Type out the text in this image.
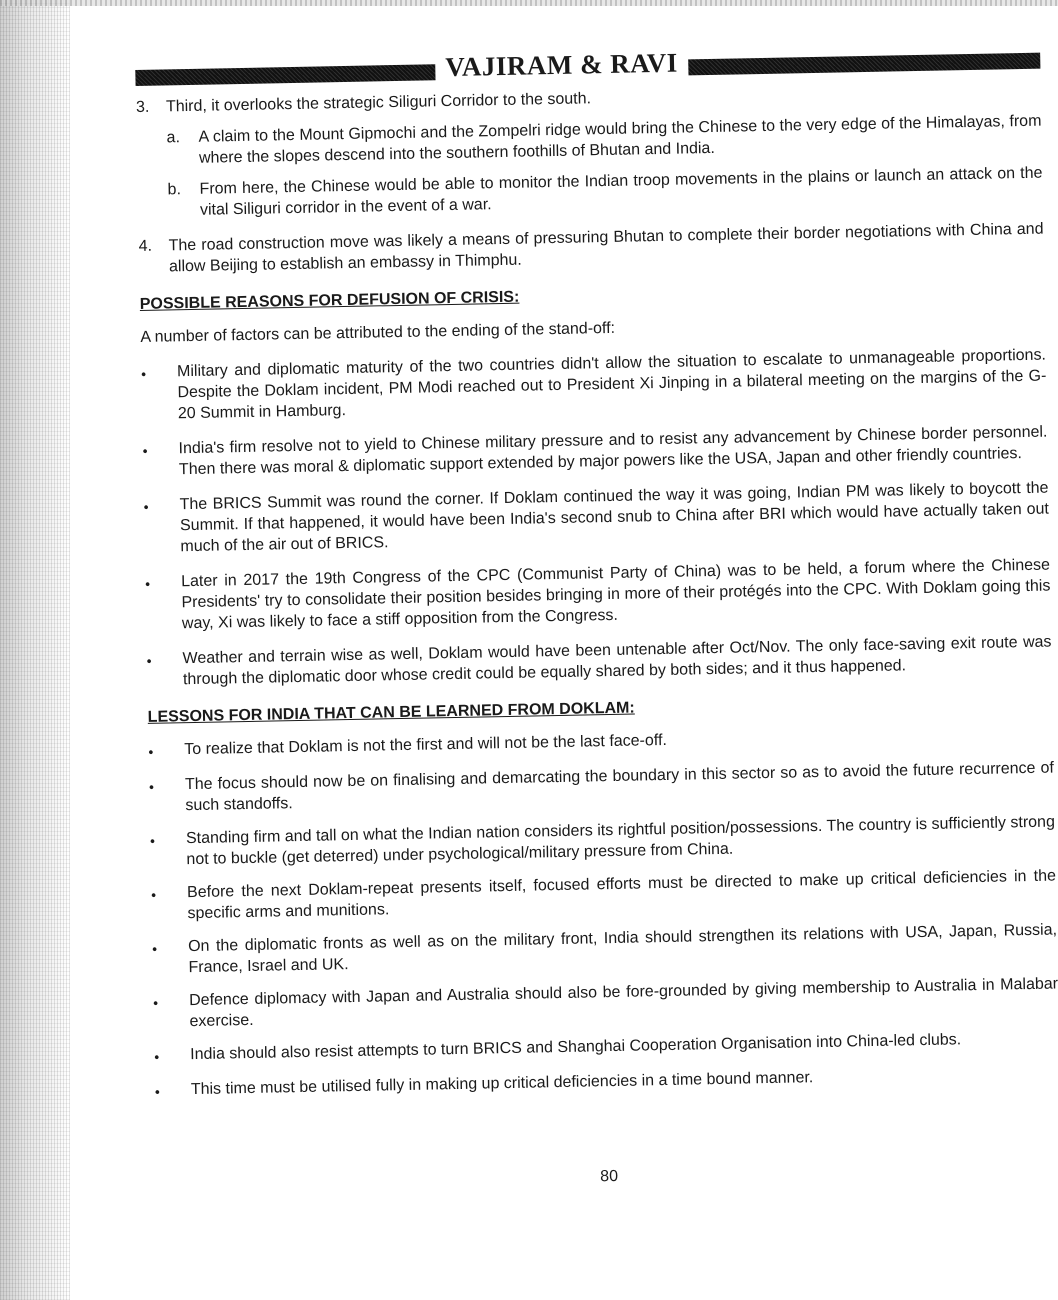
VAJIRAM & RAVI
3.	Third, it overlooks the strategic Siliguri Corridor to the south.
a.	A claim to the Mount Gipmochi and the Zompelri ridge would bring the Chinese to the very edge of the Himalayas, from where the slopes descend into the southern foothills of Bhutan and India.
b.	From here, the Chinese would be able to monitor the Indian troop movements in the plains or launch an attack on the vital Siliguri corridor in the event of a war.
4.	The road construction move was likely a means of pressuring Bhutan to complete their border negotiations with China and allow Beijing to establish an embassy in Thimphu.
POSSIBLE REASONS FOR DEFUSION OF CRISIS:
A number of factors can be attributed to the ending of the stand-off:
•	Military and diplomatic maturity of the two countries didn't allow the situation to escalate to unmanageable proportions. Despite the Doklam incident, PM Modi reached out to President Xi Jinping in a bilateral meeting on the margins of the G-20 Summit in Hamburg.
•	India's firm resolve not to yield to Chinese military pressure and to resist any advancement by Chinese border personnel. Then there was moral & diplomatic support extended by major powers like the USA, Japan and other friendly countries.
•	The BRICS Summit was round the corner. If Doklam continued the way it was going, Indian PM was likely to boycott the Summit. If that happened, it would have been India's second snub to China after BRI which would have actually taken out much of the air out of BRICS.
•	Later in 2017 the 19th Congress of the CPC (Communist Party of China) was to be held, a forum where the Chinese Presidents' try to consolidate their position besides bringing in more of their protégés into the CPC. With Doklam going this way, Xi was likely to face a stiff opposition from the Congress.
•	Weather and terrain wise as well, Doklam would have been untenable after Oct/Nov. The only face-saving exit route was through the diplomatic door whose credit could be equally shared by both sides; and it thus happened.
LESSONS FOR INDIA THAT CAN BE LEARNED FROM DOKLAM:
•	To realize that Doklam is not the first and will not be the last face-off.
•	The focus should now be on finalising and demarcating the boundary in this sector so as to avoid the future recurrence of such standoffs.
•	Standing firm and tall on what the Indian nation considers its rightful position/possessions. The country is sufficiently strong not to buckle (get deterred) under psychological/military pressure from China.
•	Before the next Doklam-repeat presents itself, focused efforts must be directed to make up critical deficiencies in the specific arms and munitions.
•	On the diplomatic fronts as well as on the military front, India should strengthen its relations with USA, Japan, Russia, France, Israel and UK.
•	Defence diplomacy with Japan and Australia should also be fore-grounded by giving membership to Australia in Malabar exercise.
•	India should also resist attempts to turn BRICS and Shanghai Cooperation Organisation into China-led clubs.
•	This time must be utilised fully in making up critical deficiencies in a time bound manner.
80
